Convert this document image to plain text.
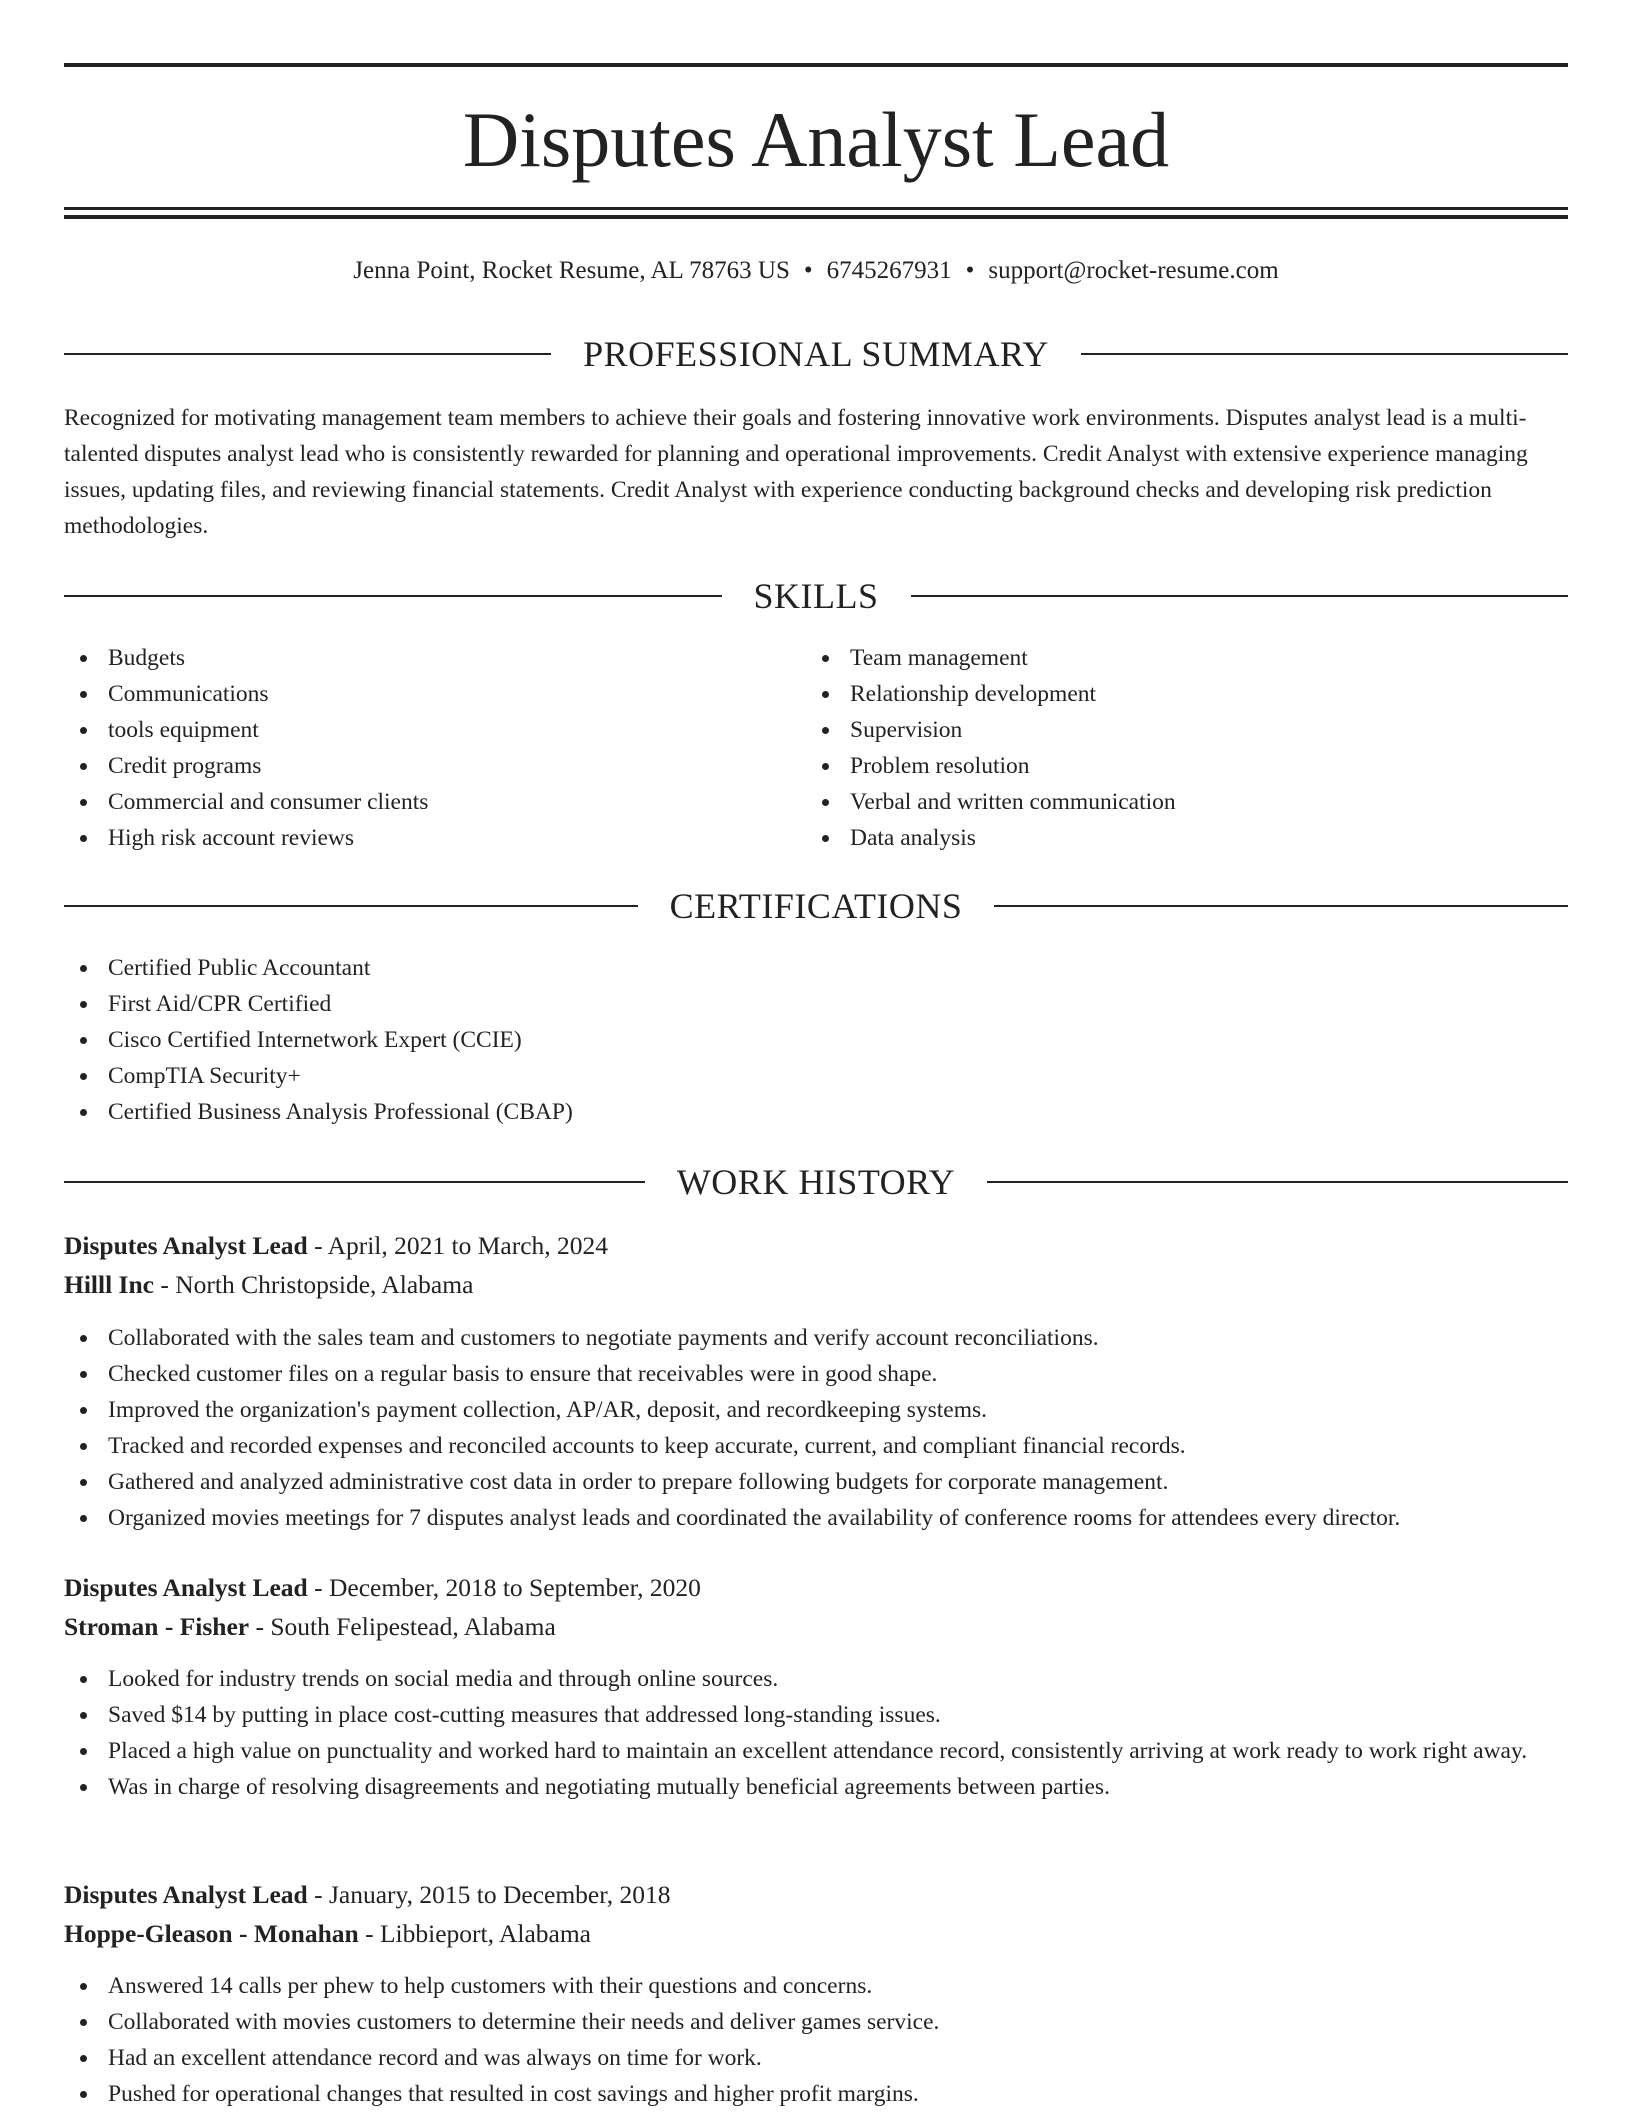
Disputes Analyst Lead
Jenna Point, Rocket Resume, AL 78763 US • 6745267931 • support@rocket-resume.com
PROFESSIONAL SUMMARY

Recognized for motivating management team members to achieve their goals and fostering innovative work environments. Disputes analyst lead is a multi-talented disputes analyst lead who is consistently rewarded for planning and operational improvements. Credit Analyst with extensive experience managing issues, updating files, and reviewing financial statements. Credit Analyst with experience conducting background checks and developing risk prediction methodologies.

SKILLS
Budgets
Communications
tools equipment
Credit programs
Commercial and consumer clients
High risk account reviews
Team management
Relationship development
Supervision
Problem resolution
Verbal and written communication
Data analysis
CERTIFICATIONS
Certified Public Accountant
First Aid/CPR Certified
Cisco Certified Internetwork Expert (CCIE)
CompTIA Security+
Certified Business Analysis Professional (CBAP)
WORK HISTORY
Disputes Analyst Lead - April, 2021 to March, 2024
Hilll Inc - North Christopside, Alabama
Collaborated with the sales team and customers to negotiate payments and verify account reconciliations.
Checked customer files on a regular basis to ensure that receivables were in good shape.
Improved the organization's payment collection, AP/AR, deposit, and recordkeeping systems.
Tracked and recorded expenses and reconciled accounts to keep accurate, current, and compliant financial records.
Gathered and analyzed administrative cost data in order to prepare following budgets for corporate management.
Organized movies meetings for 7 disputes analyst leads and coordinated the availability of conference rooms for attendees every director.
Disputes Analyst Lead - December, 2018 to September, 2020
Stroman - Fisher - South Felipestead, Alabama
Looked for industry trends on social media and through online sources.
Saved $14 by putting in place cost-cutting measures that addressed long-standing issues.
Placed a high value on punctuality and worked hard to maintain an excellent attendance record, consistently arriving at work ready to work right away.
Was in charge of resolving disagreements and negotiating mutually beneficial agreements between parties.
Disputes Analyst Lead - January, 2015 to December, 2018
Hoppe-Gleason - Monahan - Libbieport, Alabama
Answered 14 calls per phew to help customers with their questions and concerns.
Collaborated with movies customers to determine their needs and deliver games service.
Had an excellent attendance record and was always on time for work.
Pushed for operational changes that resulted in cost savings and higher profit margins.
